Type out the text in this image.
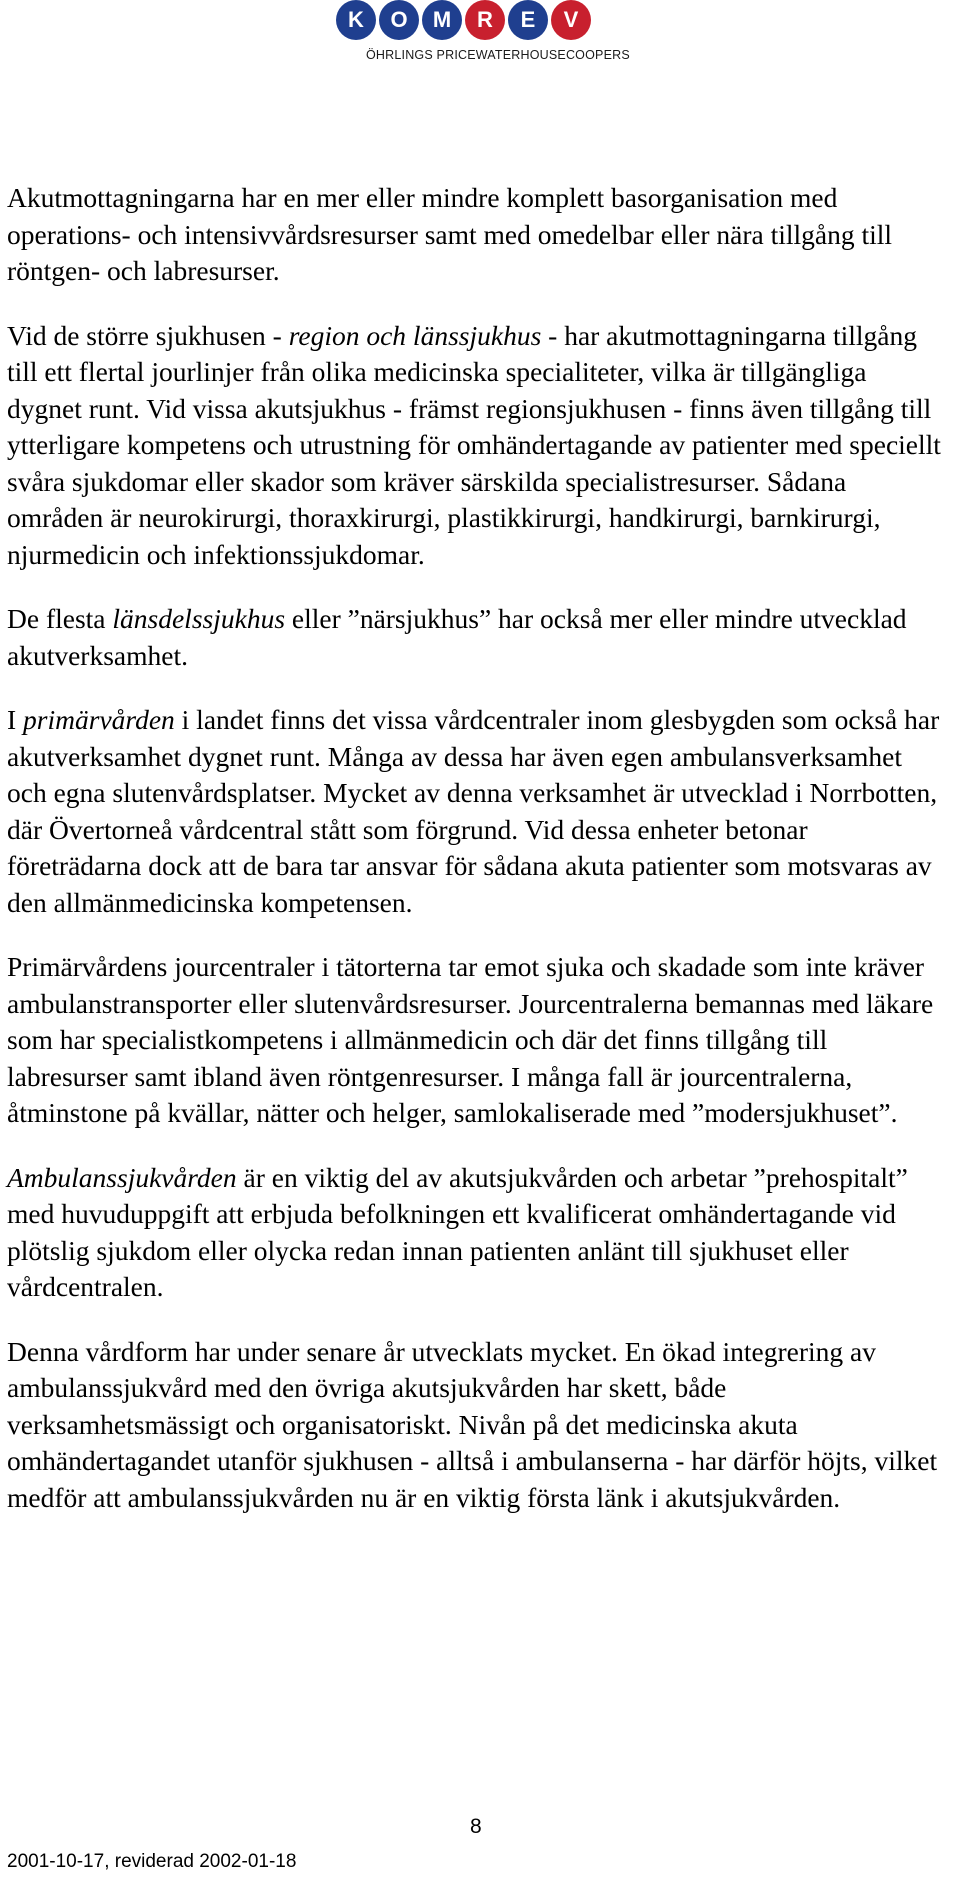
K	O	M	R	E	V
ÖHRLINGS PRICEWATERHOUSECOOPERS

Akutmottagningarna har en mer eller mindre komplett basorganisation med operations- och intensivvårdsresurser samt med omedelbar eller nära tillgång till röntgen- och labresurser.

Vid de större sjukhusen - region och länssjukhus - har akutmottagningarna tillgång till ett flertal jourlinjer från olika medicinska specialiteter, vilka är tillgängliga dygnet runt. Vid vissa akutsjukhus - främst regionsjukhusen - finns även tillgång till ytterligare kompetens och utrustning för omhändertagande av patienter med speciellt svåra sjukdomar eller skador som kräver särskilda specialistresurser. Sådana områden är neurokirurgi, thoraxkirurgi, plastikkirurgi, handkirurgi, barnkirurgi, njurmedicin och infektionssjukdomar.

De flesta länsdelssjukhus eller ”närsjukhus” har också mer eller mindre utvecklad akutverksamhet.

I primärvården i landet finns det vissa vårdcentraler inom glesbygden som också har akutverksamhet dygnet runt. Många av dessa har även egen ambulansverksamhet och egna slutenvårdsplatser. Mycket av denna verksamhet är utvecklad i Norrbotten, där Övertorneå vårdcentral stått som förgrund. Vid dessa enheter betonar företrädarna dock att de bara tar ansvar för sådana akuta patienter som motsvaras av den allmänmedicinska kompetensen.

Primärvårdens jourcentraler i tätorterna tar emot sjuka och skadade som inte kräver ambulanstransporter eller slutenvårdsresurser. Jourcentralerna bemannas med läkare som har specialistkompetens i allmänmedicin och där det finns tillgång till labresurser samt ibland även röntgenresurser. I många fall är jourcentralerna, åtminstone på kvällar, nätter och helger, samlokaliserade med ”modersjukhuset”.

Ambulanssjukvården är en viktig del av akutsjukvården och arbetar ”prehospitalt” med huvuduppgift att erbjuda befolkningen ett kvalificerat omhändertagande vid plötslig sjukdom eller olycka redan innan patienten anlänt till sjukhuset eller vårdcentralen.

Denna vårdform har under senare år utvecklats mycket. En ökad integrering av ambulanssjukvård med den övriga akutsjukvården har skett, både verksamhetsmässigt och organisatoriskt. Nivån på det medicinska akuta omhändertagandet utanför sjukhusen - alltså i ambulanserna - har därför höjts, vilket medför att ambulanssjukvården nu är en viktig första länk i akutsjukvården.

8
2001-10-17, reviderad 2002-01-18
